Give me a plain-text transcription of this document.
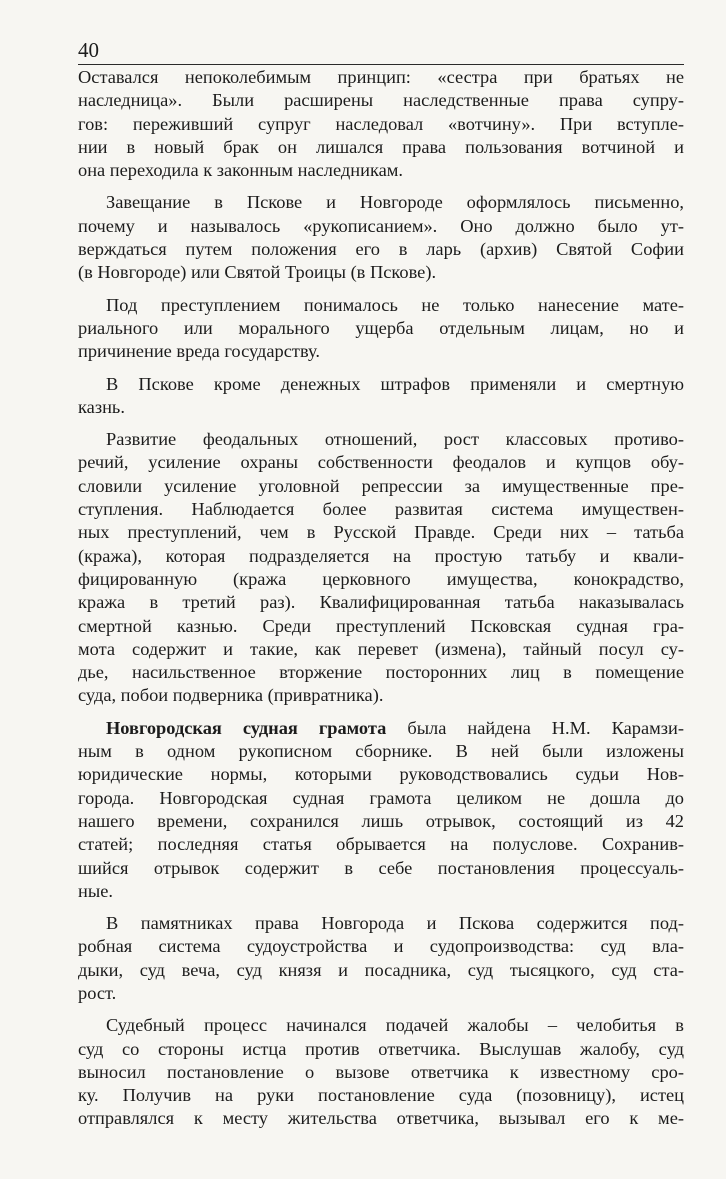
40
Оставался непоколебимым принцип: «сестра при братьях не
наследница». Были расширены наследственные права супру-
гов: переживший супруг наследовал «вотчину». При вступле-
нии в новый брак он лишался права пользования вотчиной и
она переходила к законным наследникам.
Завещание в Пскове и Новгороде оформлялось письменно,
почему и называлось «рукописанием». Оно должно было ут-
верждаться путем положения его в ларь (архив) Святой Софии
(в Новгороде) или Святой Троицы (в Пскове).
Под преступлением понималось не только нанесение мате-
риального или морального ущерба отдельным лицам, но и
причинение вреда государству.
В Пскове кроме денежных штрафов применяли и смертную
казнь.
Развитие феодальных отношений, рост классовых противо-
речий, усиление охраны собственности феодалов и купцов обу-
словили усиление уголовной репрессии за имущественные пре-
ступления. Наблюдается более развитая система имуществен-
ных преступлений, чем в Русской Правде. Среди них – татьба
(кража), которая подразделяется на простую татьбу и квали-
фицированную (кража церковного имущества, конокрадство,
кража в третий раз). Квалифицированная татьба наказывалась
смертной казнью. Среди преступлений Псковская судная гра-
мота содержит и такие, как перевет (измена), тайный посул су-
дье, насильственное вторжение посторонних лиц в помещение
суда, побои подверника (привратника).
Новгородская судная грамота была найдена Н.М. Карамзи-
ным в одном рукописном сборнике. В ней были изложены
юридические нормы, которыми руководствовались судьи Нов-
города. Новгородская судная грамота целиком не дошла до
нашего времени, сохранился лишь отрывок, состоящий из 42
статей; последняя статья обрывается на полуслове. Сохранив-
шийся отрывок содержит в себе постановления процессуаль-
ные.
В памятниках права Новгорода и Пскова содержится под-
робная система судоустройства и судопроизводства: суд вла-
дыки, суд веча, суд князя и посадника, суд тысяцкого, суд ста-
рост.
Судебный процесс начинался подачей жалобы – челобитья в
суд со стороны истца против ответчика. Выслушав жалобу, суд
выносил постановление о вызове ответчика к известному сро-
ку. Получив на руки постановление суда (позовницу), истец
отправлялся к месту жительства ответчика, вызывал его к ме-
